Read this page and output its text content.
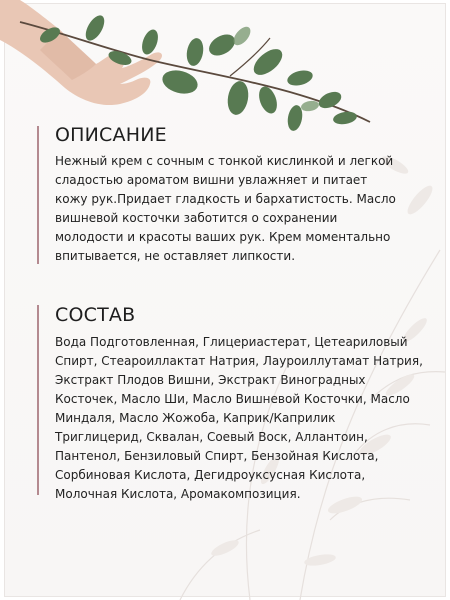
ОПИСАНИЕ

Нежный крем с сочным с тонкой кислинкой и легкой сладостью ароматом вишни увлажняет и питает кожу рук.Придает гладкость и бархатистость. Масло вишневой косточки заботится о сохранении молодости и красоты ваших рук. Крем моментально впитывается, не оставляет липкости.

СОСТАВ

Вода Подготовленная, Глицериастерат, Цетеариловый Спирт, Стеароиллактат Натрия, Лауроиллутамат Натрия, Экстракт Плодов Вишни, Экстракт Виноградных Косточек, Масло Ши, Масло Вишневой Косточки, Масло Миндаля, Масло Жожоба, Каприк/Каприлик Триглицерид, Сквалан, Соевый Воск, Аллантоин, Пантенол, Бензиловый Спирт, Бензойная Кислота, Сорбиновая Кислота, Дегидроуксусная Кислота, Молочная Кислота, Аромакомпозиция.
